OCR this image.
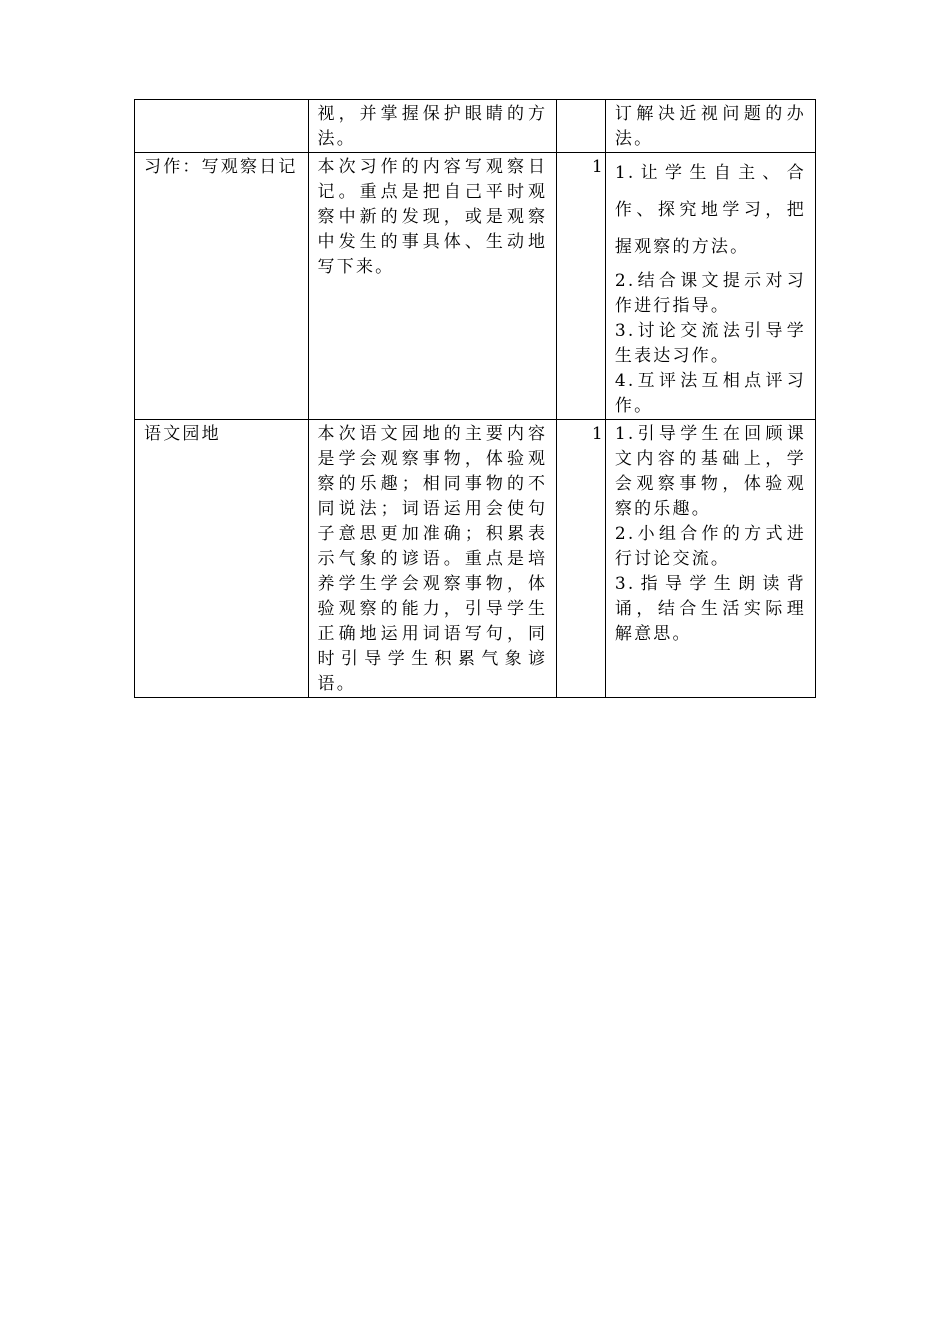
	视，并掌握保护眼睛的方法。		订解决近视问题的办法。

习作：写观察日记	本次习作的内容写观察日记。重点是把自己平时观察中新的发现，或是观察中发生的事具体、生动地写下来。	1	1.让学生自主、合作、探究地学习，把握观察的方法。
2.结合课文提示对习作进行指导。
3.讨论交流法引导学生表达习作。
4.互评法互相点评习作。

语文园地	本次语文园地的主要内容是学会观察事物，体验观察的乐趣；相同事物的不同说法；词语运用会使句子意思更加准确；积累表示气象的谚语。重点是培养学生学会观察事物，体验观察的能力，引导学生正确地运用词语写句，同时引导学生积累气象谚语。	1	1.引导学生在回顾课文内容的基础上，学会观察事物，体验观察的乐趣。
2.小组合作的方式进行讨论交流。
3.指导学生朗读背诵，结合生活实际理解意思。
